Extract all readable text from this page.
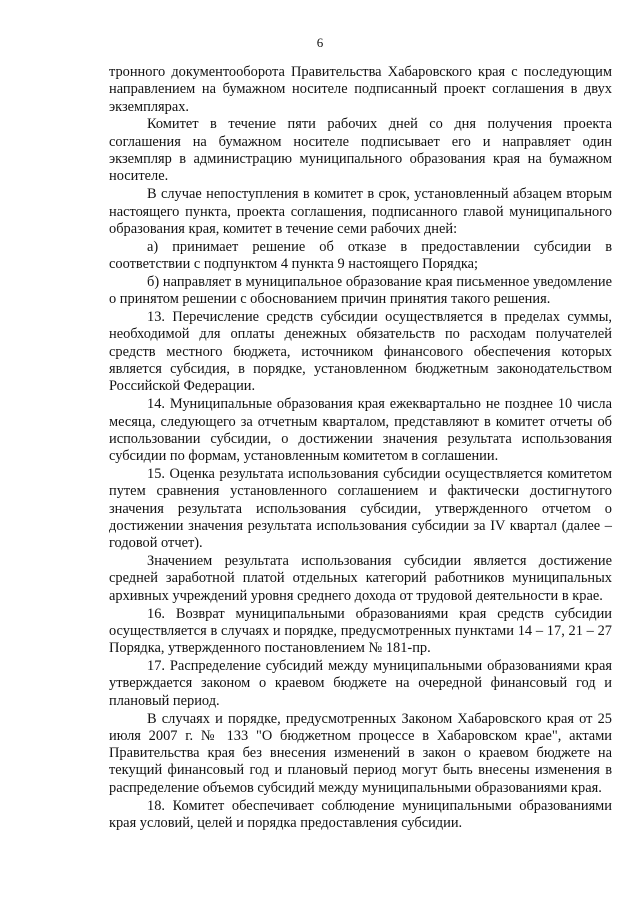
6

тронного документооборота Правительства Хабаровского края с последующим направлением на бумажном носителе подписанный проект соглашения в двух экземплярах.

Комитет в течение пяти рабочих дней со дня получения проекта соглашения на бумажном носителе подписывает его и направляет один экземпляр в администрацию муниципального образования края на бумажном носителе.

В случае непоступления в комитет в срок, установленный абзацем вторым настоящего пункта, проекта соглашения, подписанного главой муниципального образования края, комитет в течение семи рабочих дней:

а) принимает решение об отказе в предоставлении субсидии в соответствии с подпунктом 4 пункта 9 настоящего Порядка;

б) направляет в муниципальное образование края письменное уведомление о принятом решении с обоснованием причин принятия такого решения.

13. Перечисление средств субсидии осуществляется в пределах суммы, необходимой для оплаты денежных обязательств по расходам получателей средств местного бюджета, источником финансового обеспечения которых является субсидия, в порядке, установленном бюджетным законодательством Российской Федерации.

14. Муниципальные образования края ежеквартально не позднее 10 числа месяца, следующего за отчетным кварталом, представляют в комитет отчеты об использовании субсидии, о достижении значения результата использования субсидии по формам, установленным комитетом в соглашении.

15. Оценка результата использования субсидии осуществляется комитетом путем сравнения установленного соглашением и фактически достигнутого значения результата использования субсидии, утвержденного отчетом о достижении значения результата использования субсидии за IV квартал (далее – годовой отчет).

Значением результата использования субсидии является достижение средней заработной платой отдельных категорий работников муниципальных архивных учреждений уровня среднего дохода от трудовой деятельности в крае.

16. Возврат муниципальными образованиями края средств субсидии осуществляется в случаях и порядке, предусмотренных пунктами 14 – 17, 21 – 27 Порядка, утвержденного постановлением № 181-пр.

17. Распределение субсидий между муниципальными образованиями края утверждается законом о краевом бюджете на очередной финансовый год и плановый период.

В случаях и порядке, предусмотренных Законом Хабаровского края от 25 июля 2007 г. № 133 "О бюджетном процессе в Хабаровском крае", актами Правительства края без внесения изменений в закон о краевом бюджете на текущий финансовый год и плановый период могут быть внесены изменения в распределение объемов субсидий между муниципальными образованиями края.

18. Комитет обеспечивает соблюдение муниципальными образованиями края условий, целей и порядка предоставления субсидии.
